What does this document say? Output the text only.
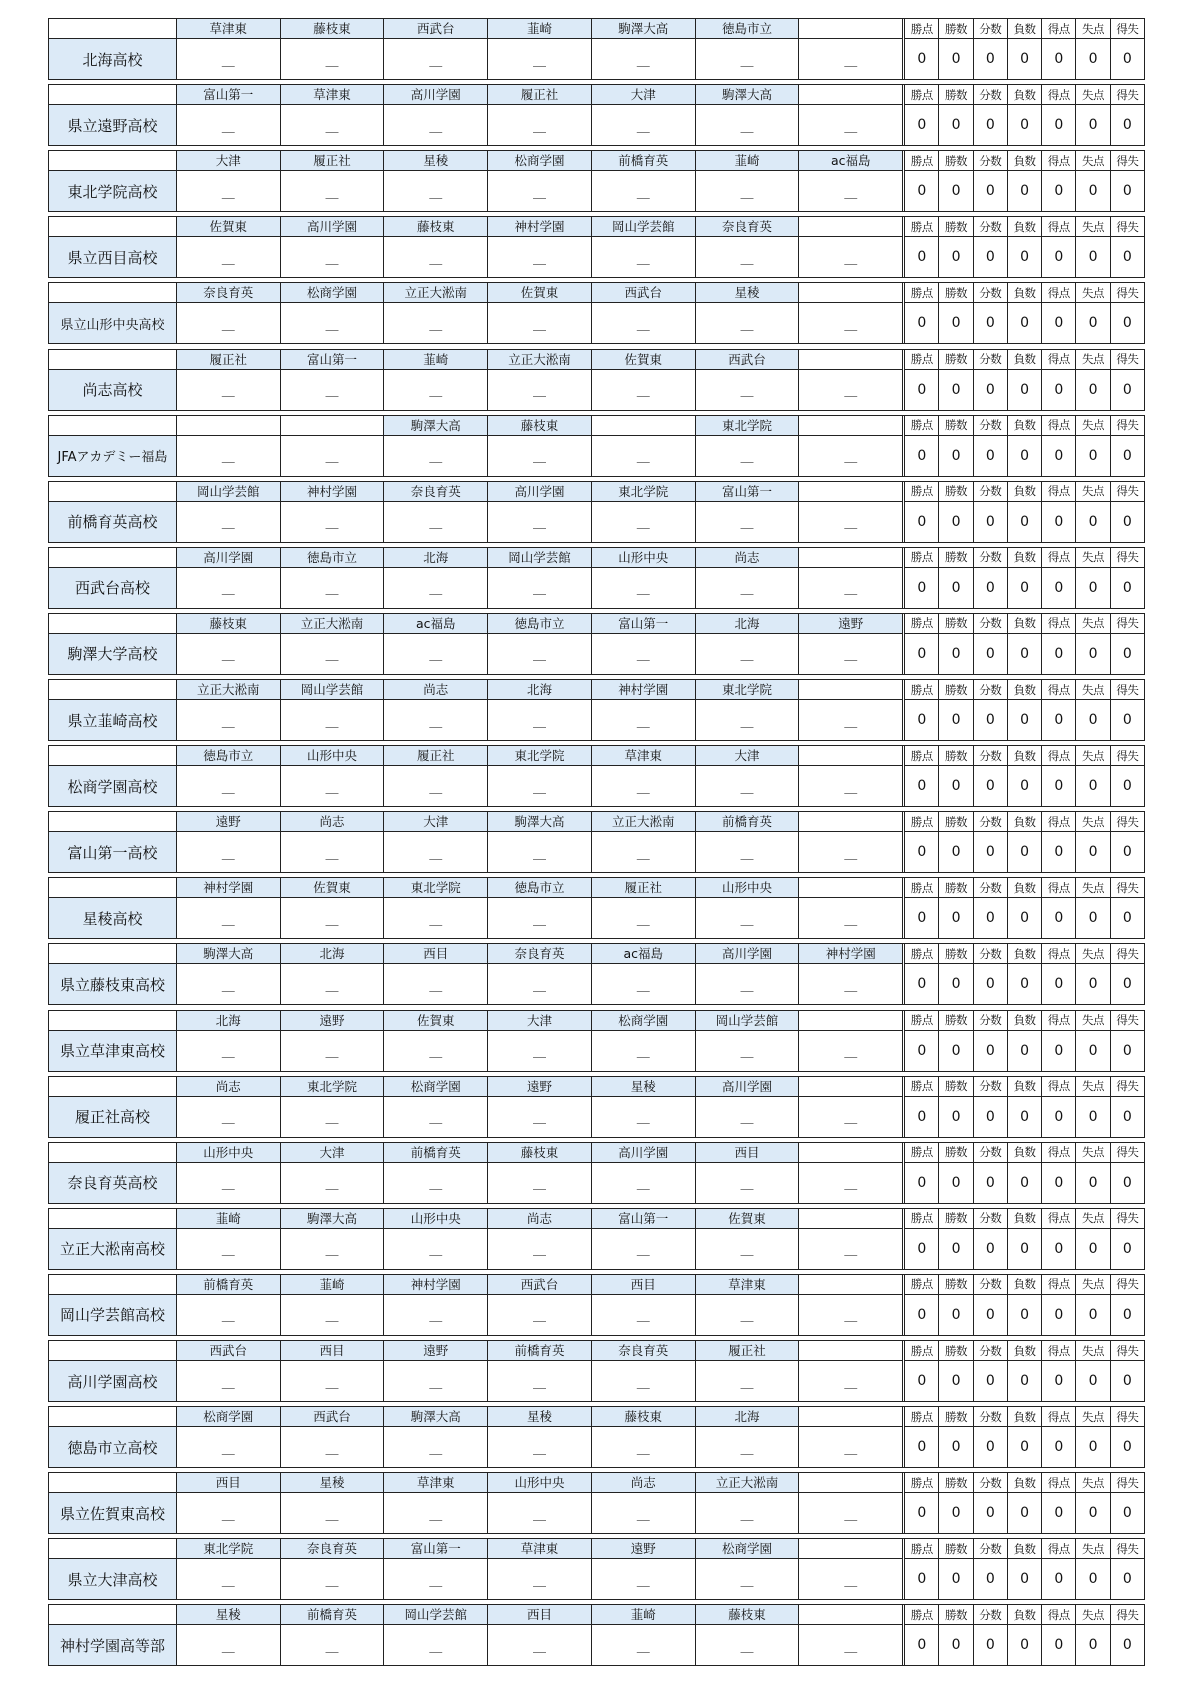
	草津東	藤枝東	西武台	韮崎	駒澤大高	徳島市立			勝点	勝数	分数	負数	得点	失点	得失
北海高校	＿	＿	＿	＿	＿	＿	＿		0	0	0	0	0	0	0
	富山第一	草津東	高川学園	履正社	大津	駒澤大高			勝点	勝数	分数	負数	得点	失点	得失
県立遠野高校	＿	＿	＿	＿	＿	＿	＿		0	0	0	0	0	0	0
	大津	履正社	星稜	松商学園	前橋育英	韮崎	ac福島		勝点	勝数	分数	負数	得点	失点	得失
東北学院高校	＿	＿	＿	＿	＿	＿	＿		0	0	0	0	0	0	0
	佐賀東	高川学園	藤枝東	神村学園	岡山学芸館	奈良育英			勝点	勝数	分数	負数	得点	失点	得失
県立西目高校	＿	＿	＿	＿	＿	＿	＿		0	0	0	0	0	0	0
	奈良育英	松商学園	立正大淞南	佐賀東	西武台	星稜			勝点	勝数	分数	負数	得点	失点	得失
県立山形中央高校	＿	＿	＿	＿	＿	＿	＿		0	0	0	0	0	0	0
	履正社	富山第一	韮崎	立正大淞南	佐賀東	西武台			勝点	勝数	分数	負数	得点	失点	得失
尚志高校	＿	＿	＿	＿	＿	＿	＿		0	0	0	0	0	0	0
			駒澤大高	藤枝東		東北学院			勝点	勝数	分数	負数	得点	失点	得失
JFAアカデミー福島	＿	＿	＿	＿	＿	＿	＿		0	0	0	0	0	0	0
	岡山学芸館	神村学園	奈良育英	高川学園	東北学院	富山第一			勝点	勝数	分数	負数	得点	失点	得失
前橋育英高校	＿	＿	＿	＿	＿	＿	＿		0	0	0	0	0	0	0
	高川学園	徳島市立	北海	岡山学芸館	山形中央	尚志			勝点	勝数	分数	負数	得点	失点	得失
西武台高校	＿	＿	＿	＿	＿	＿	＿		0	0	0	0	0	0	0
	藤枝東	立正大淞南	ac福島	徳島市立	富山第一	北海	遠野		勝点	勝数	分数	負数	得点	失点	得失
駒澤大学高校	＿	＿	＿	＿	＿	＿	＿		0	0	0	0	0	0	0
	立正大淞南	岡山学芸館	尚志	北海	神村学園	東北学院			勝点	勝数	分数	負数	得点	失点	得失
県立韮崎高校	＿	＿	＿	＿	＿	＿	＿		0	0	0	0	0	0	0
	徳島市立	山形中央	履正社	東北学院	草津東	大津			勝点	勝数	分数	負数	得点	失点	得失
松商学園高校	＿	＿	＿	＿	＿	＿	＿		0	0	0	0	0	0	0
	遠野	尚志	大津	駒澤大高	立正大淞南	前橋育英			勝点	勝数	分数	負数	得点	失点	得失
富山第一高校	＿	＿	＿	＿	＿	＿	＿		0	0	0	0	0	0	0
	神村学園	佐賀東	東北学院	徳島市立	履正社	山形中央			勝点	勝数	分数	負数	得点	失点	得失
星稜高校	＿	＿	＿	＿	＿	＿	＿		0	0	0	0	0	0	0
	駒澤大高	北海	西目	奈良育英	ac福島	高川学園	神村学園		勝点	勝数	分数	負数	得点	失点	得失
県立藤枝東高校	＿	＿	＿	＿	＿	＿	＿		0	0	0	0	0	0	0
	北海	遠野	佐賀東	大津	松商学園	岡山学芸館			勝点	勝数	分数	負数	得点	失点	得失
県立草津東高校	＿	＿	＿	＿	＿	＿	＿		0	0	0	0	0	0	0
	尚志	東北学院	松商学園	遠野	星稜	高川学園			勝点	勝数	分数	負数	得点	失点	得失
履正社高校	＿	＿	＿	＿	＿	＿	＿		0	0	0	0	0	0	0
	山形中央	大津	前橋育英	藤枝東	高川学園	西目			勝点	勝数	分数	負数	得点	失点	得失
奈良育英高校	＿	＿	＿	＿	＿	＿	＿		0	0	0	0	0	0	0
	韮崎	駒澤大高	山形中央	尚志	富山第一	佐賀東			勝点	勝数	分数	負数	得点	失点	得失
立正大淞南高校	＿	＿	＿	＿	＿	＿	＿		0	0	0	0	0	0	0
	前橋育英	韮崎	神村学園	西武台	西目	草津東			勝点	勝数	分数	負数	得点	失点	得失
岡山学芸館高校	＿	＿	＿	＿	＿	＿	＿		0	0	0	0	0	0	0
	西武台	西目	遠野	前橋育英	奈良育英	履正社			勝点	勝数	分数	負数	得点	失点	得失
高川学園高校	＿	＿	＿	＿	＿	＿	＿		0	0	0	0	0	0	0
	松商学園	西武台	駒澤大高	星稜	藤枝東	北海			勝点	勝数	分数	負数	得点	失点	得失
徳島市立高校	＿	＿	＿	＿	＿	＿	＿		0	0	0	0	0	0	0
	西目	星稜	草津東	山形中央	尚志	立正大淞南			勝点	勝数	分数	負数	得点	失点	得失
県立佐賀東高校	＿	＿	＿	＿	＿	＿	＿		0	0	0	0	0	0	0
	東北学院	奈良育英	富山第一	草津東	遠野	松商学園			勝点	勝数	分数	負数	得点	失点	得失
県立大津高校	＿	＿	＿	＿	＿	＿	＿		0	0	0	0	0	0	0
	星稜	前橋育英	岡山学芸館	西目	韮崎	藤枝東			勝点	勝数	分数	負数	得点	失点	得失
神村学園高等部	＿	＿	＿	＿	＿	＿	＿		0	0	0	0	0	0	0
